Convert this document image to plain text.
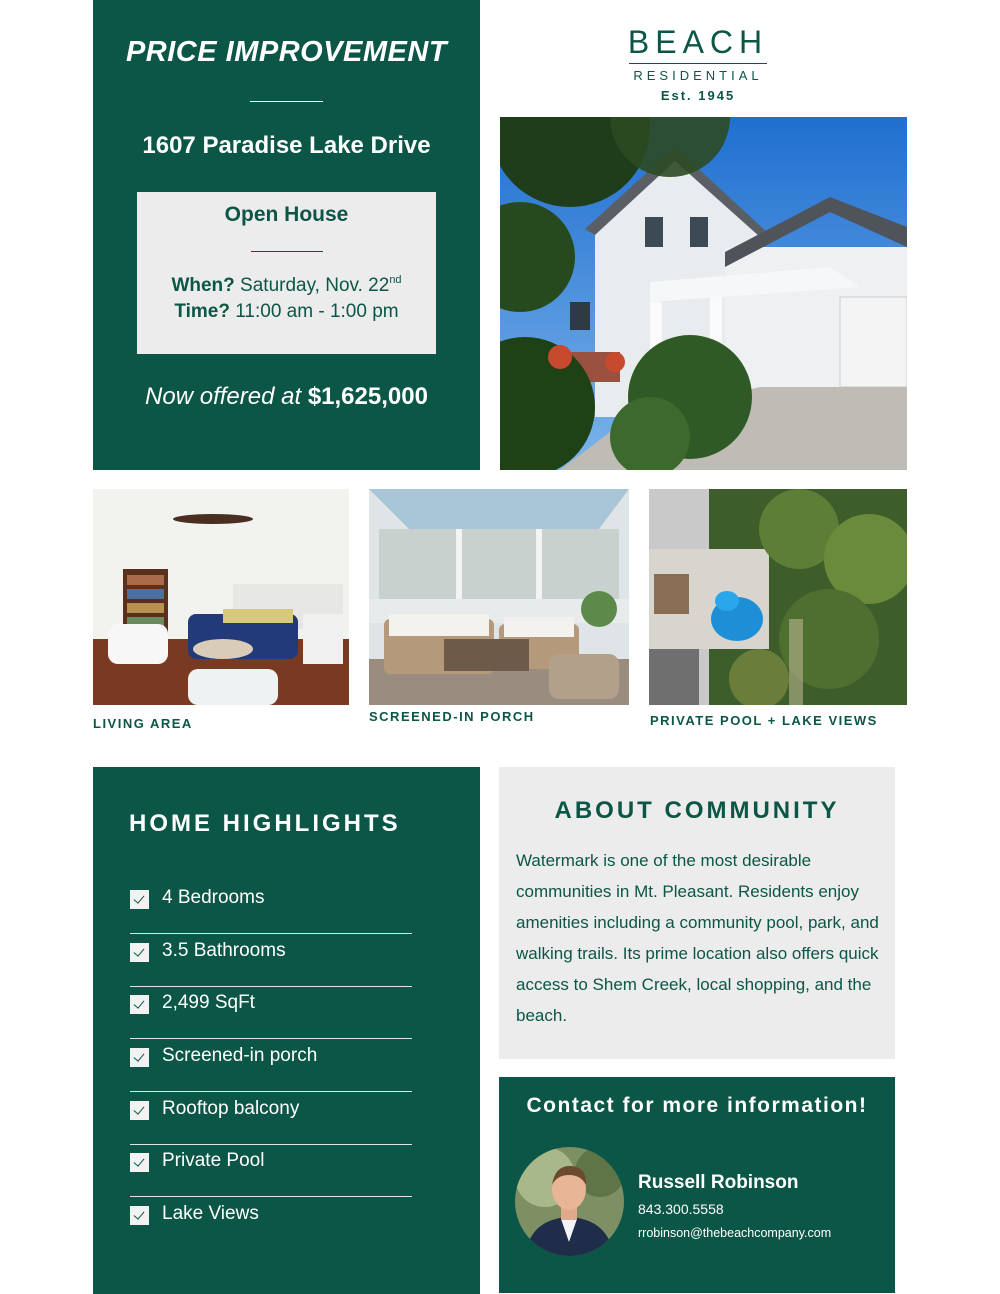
PRICE IMPROVEMENT
1607 Paradise Lake Drive
Open House
When? Saturday, Nov. 22nd
Time? 11:00 am - 1:00 pm
Now offered at $1,625,000
BEACH
RESIDENTIAL
Est. 1945
LIVING AREA	SCREENED-IN PORCH	PRIVATE POOL + LAKE VIEWS
HOME HIGHLIGHTS
4 Bedrooms
3.5 Bathrooms
2,499 SqFt
Screened-in porch
Rooftop balcony
Private Pool
Lake Views
ABOUT COMMUNITY
Watermark is one of the most desirable communities in Mt. Pleasant. Residents enjoy amenities including a community pool, park, and walking trails. Its prime location also offers quick access to Shem Creek, local shopping, and the beach.
Contact for more information!
Russell Robinson
843.300.5558
rrobinson@thebeachcompany.com
